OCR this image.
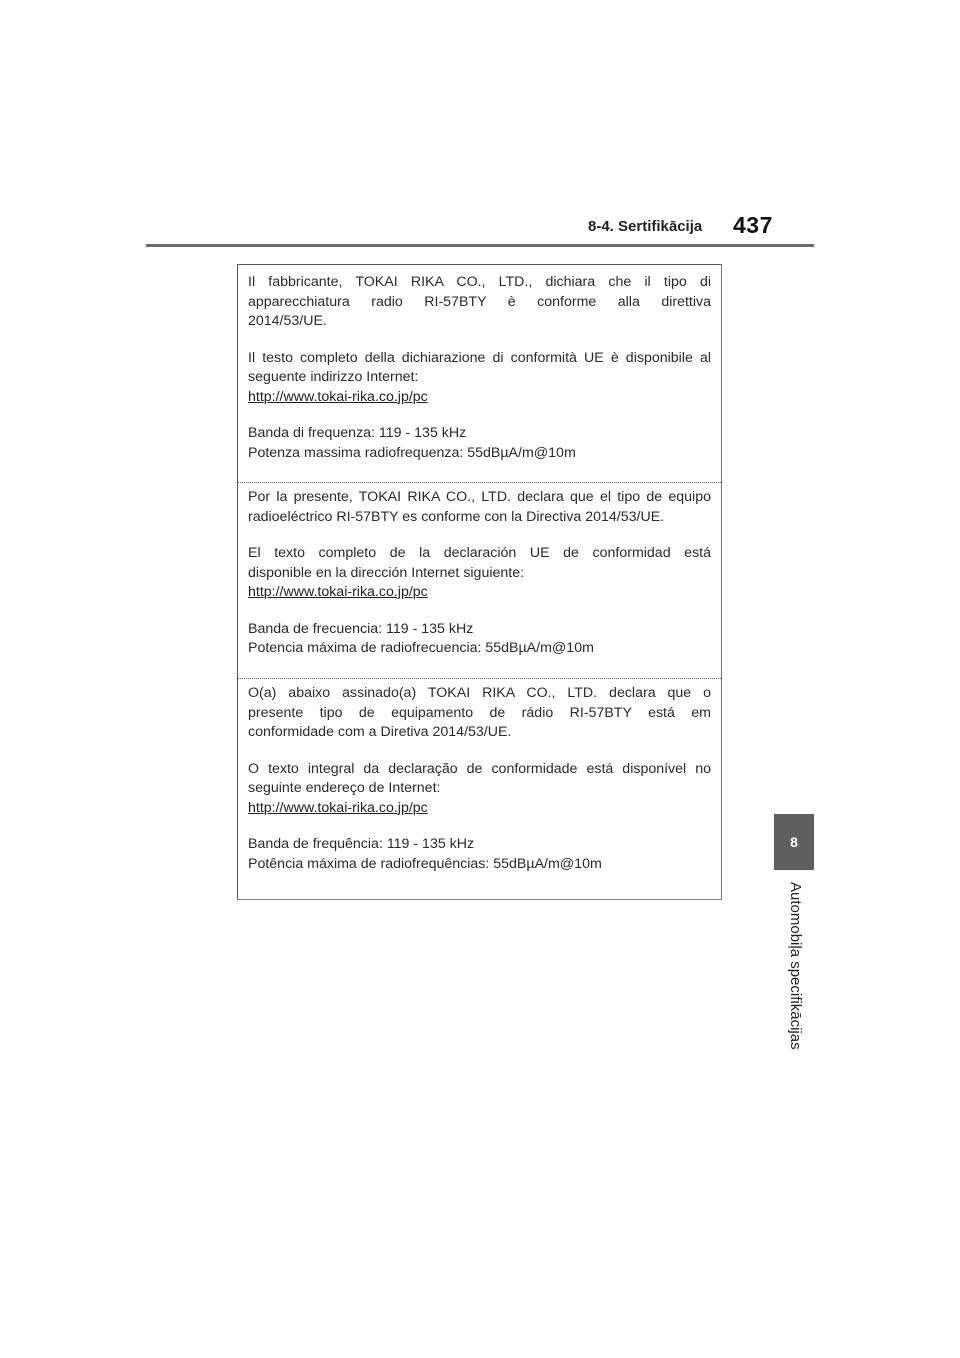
8-4. Sertifikācija 437
8
Automobiļa specifikācijas

Il fabbricante, TOKAI RIKA CO., LTD., dichiara che il tipo di

apparecchiatura radio RI-57BTY è conforme alla direttiva

2014/53/UE.

Il testo completo della dichiarazione di conformità UE è disponibile al

seguente indirizzo Internet:

http://www.tokai-rika.co.jp/pc

Banda di frequenza: 119 - 135 kHz

Potenza massima radiofrequenza: 55dBµA/m@10m

Por la presente, TOKAI RIKA CO., LTD. declara que el tipo de equipo

radioeléctrico RI-57BTY es conforme con la Directiva 2014/53/UE.

El texto completo de la declaración UE de conformidad está

disponible en la dirección Internet siguiente:

http://www.tokai-rika.co.jp/pc

Banda de frecuencia: 119 - 135 kHz

Potencia máxima de radiofrecuencia: 55dBµA/m@10m

O(a) abaixo assinado(a) TOKAI RIKA CO., LTD. declara que o

presente tipo de equipamento de rádio RI-57BTY está em

conformidade com a Diretiva 2014/53/UE.

O texto integral da declaração de conformidade está disponível no

seguinte endereço de Internet:

http://www.tokai-rika.co.jp/pc

Banda de frequência: 119 - 135 kHz

Potência máxima de radiofrequências: 55dBµA/m@10m
